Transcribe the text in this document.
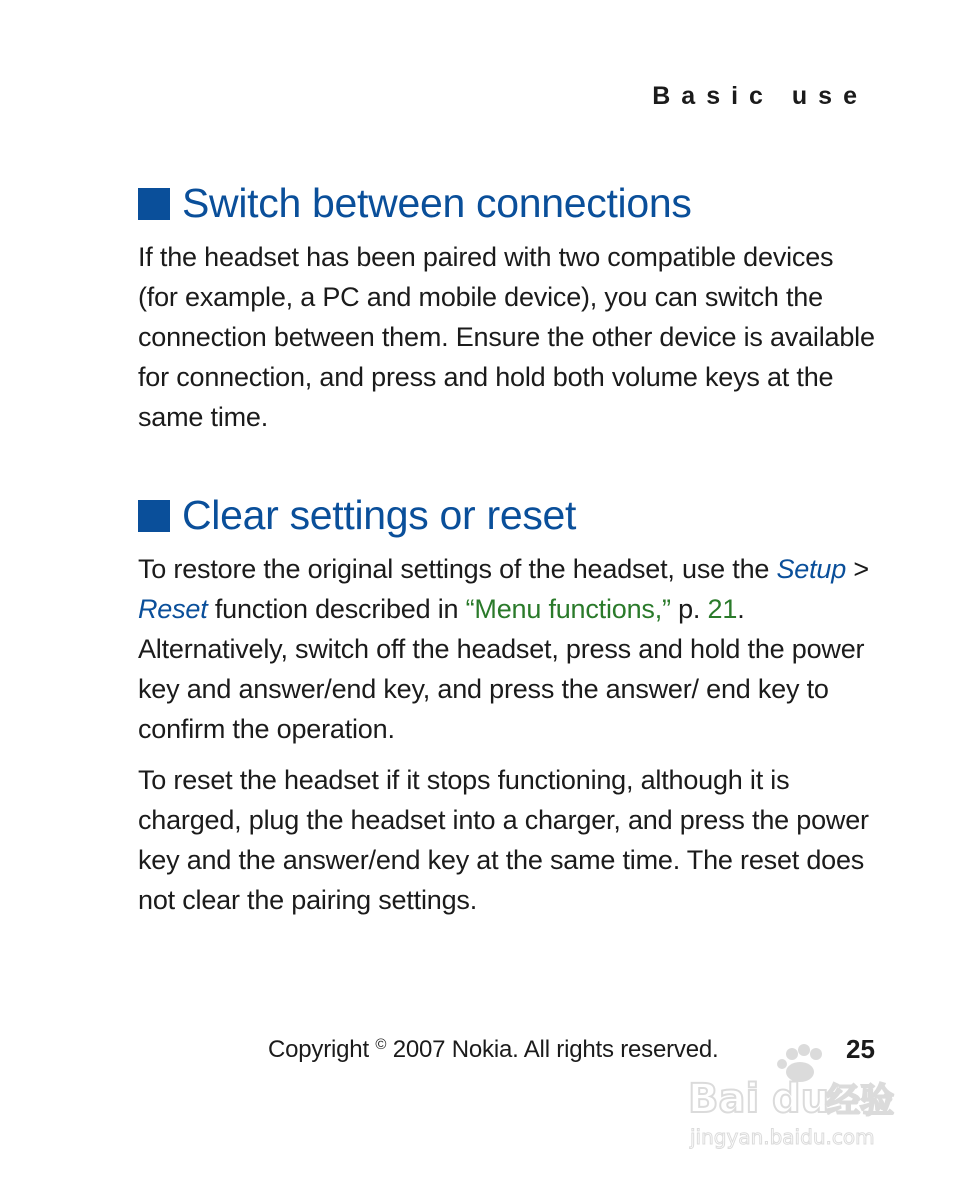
Basic use
Switch between connections

If the headset has been paired with two compatible devices (for example, a PC and mobile device), you can switch the connection between them. Ensure the other device is available for connection, and press and hold both volume keys at the same time.

Clear settings or reset

To restore the original settings of the headset, use the Setup > Reset function described in “Menu functions,” p. 21. Alternatively, switch off the headset, press and hold the power key and answer/end key, and press the answer/ end key to confirm the operation.

To reset the headset if it stops functioning, although it is charged, plug the headset into a charger, and press the power key and the answer/end key at the same time. The reset does not clear the pairing settings.

Copyright © 2007 Nokia. All rights reserved.	25
Bai du
经验
jingyan.baidu.com
